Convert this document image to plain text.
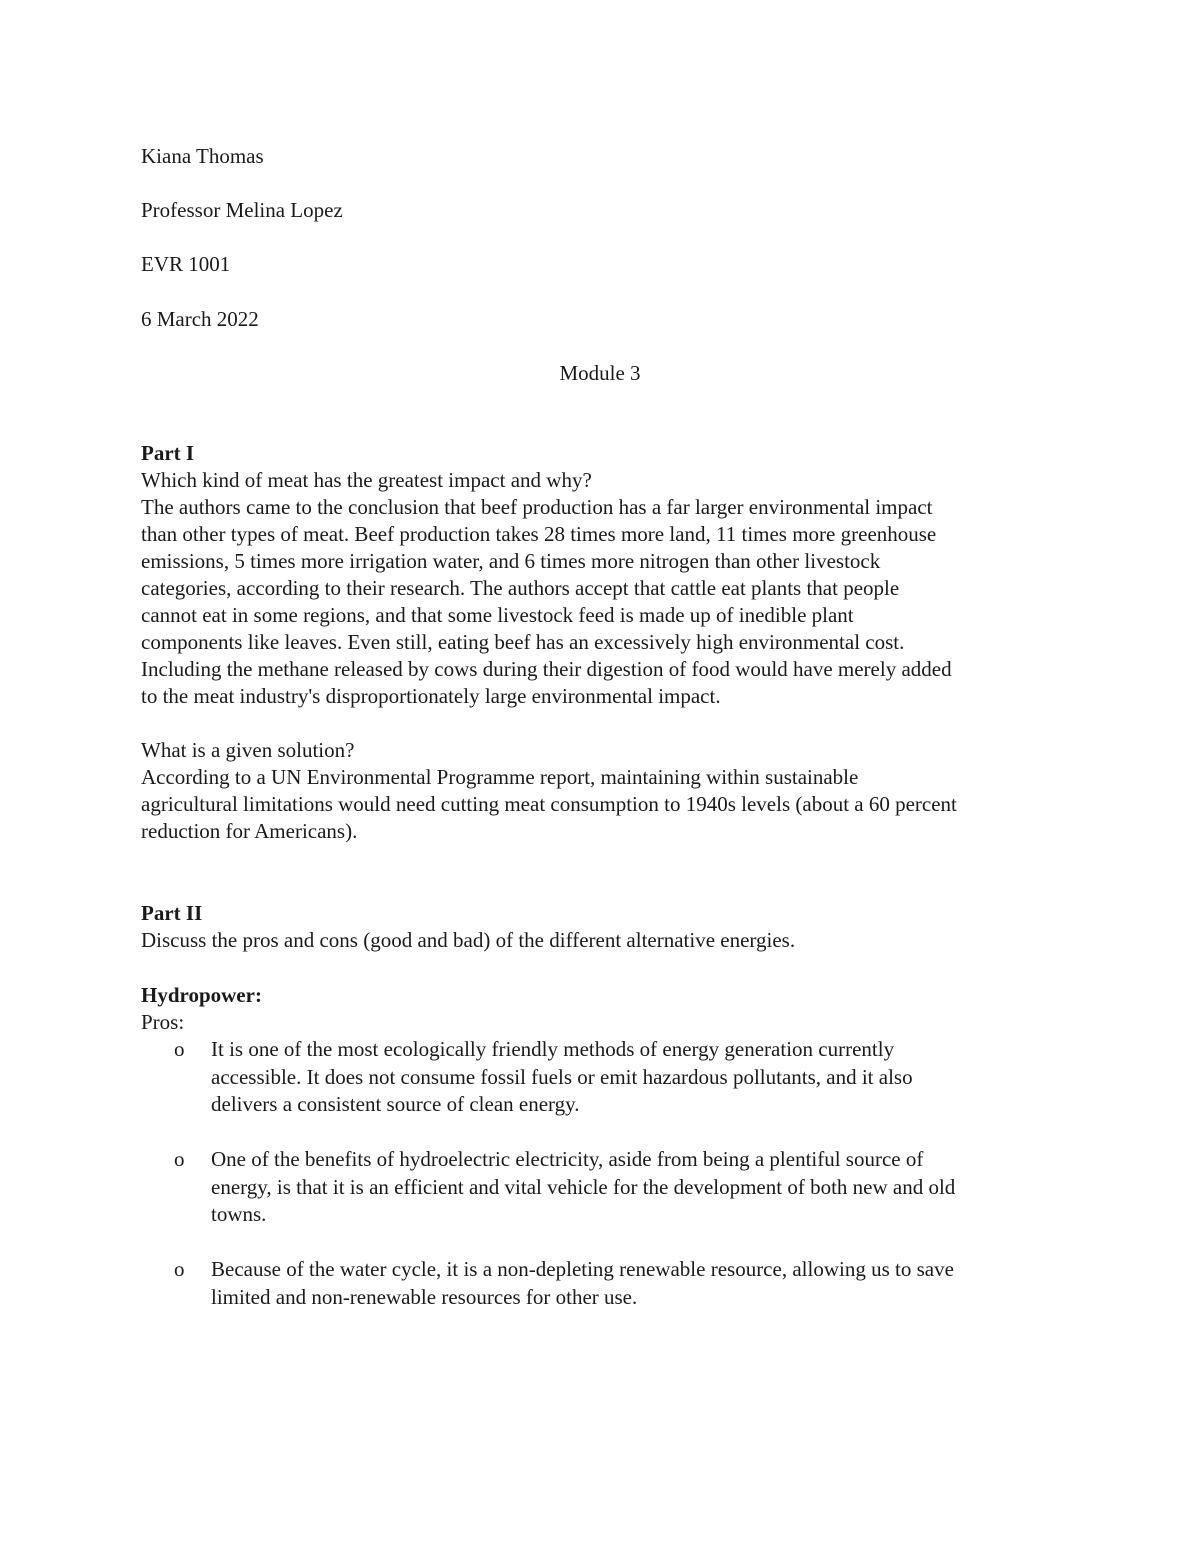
Kiana Thomas
Professor Melina Lopez
EVR 1001
6 March 2022
Module 3
Part I
Which kind of meat has the greatest impact and why?
The authors came to the conclusion that beef production has a far larger environmental impact
than other types of meat. Beef production takes 28 times more land, 11 times more greenhouse
emissions, 5 times more irrigation water, and 6 times more nitrogen than other livestock
categories, according to their research. The authors accept that cattle eat plants that people
cannot eat in some regions, and that some livestock feed is made up of inedible plant
components like leaves. Even still, eating beef has an excessively high environmental cost.
Including the methane released by cows during their digestion of food would have merely added
to the meat industry's disproportionately large environmental impact.
What is a given solution?
According to a UN Environmental Programme report, maintaining within sustainable
agricultural limitations would need cutting meat consumption to 1940s levels (about a 60 percent
reduction for Americans).
Part II
Discuss the pros and cons (good and bad) of the different alternative energies.
Hydropower:
Pros:
o It is one of the most ecologically friendly methods of energy generation currently
accessible. It does not consume fossil fuels or emit hazardous pollutants, and it also
delivers a consistent source of clean energy.
o One of the benefits of hydroelectric electricity, aside from being a plentiful source of
energy, is that it is an efficient and vital vehicle for the development of both new and old
towns.
o Because of the water cycle, it is a non-depleting renewable resource, allowing us to save
limited and non-renewable resources for other use.
